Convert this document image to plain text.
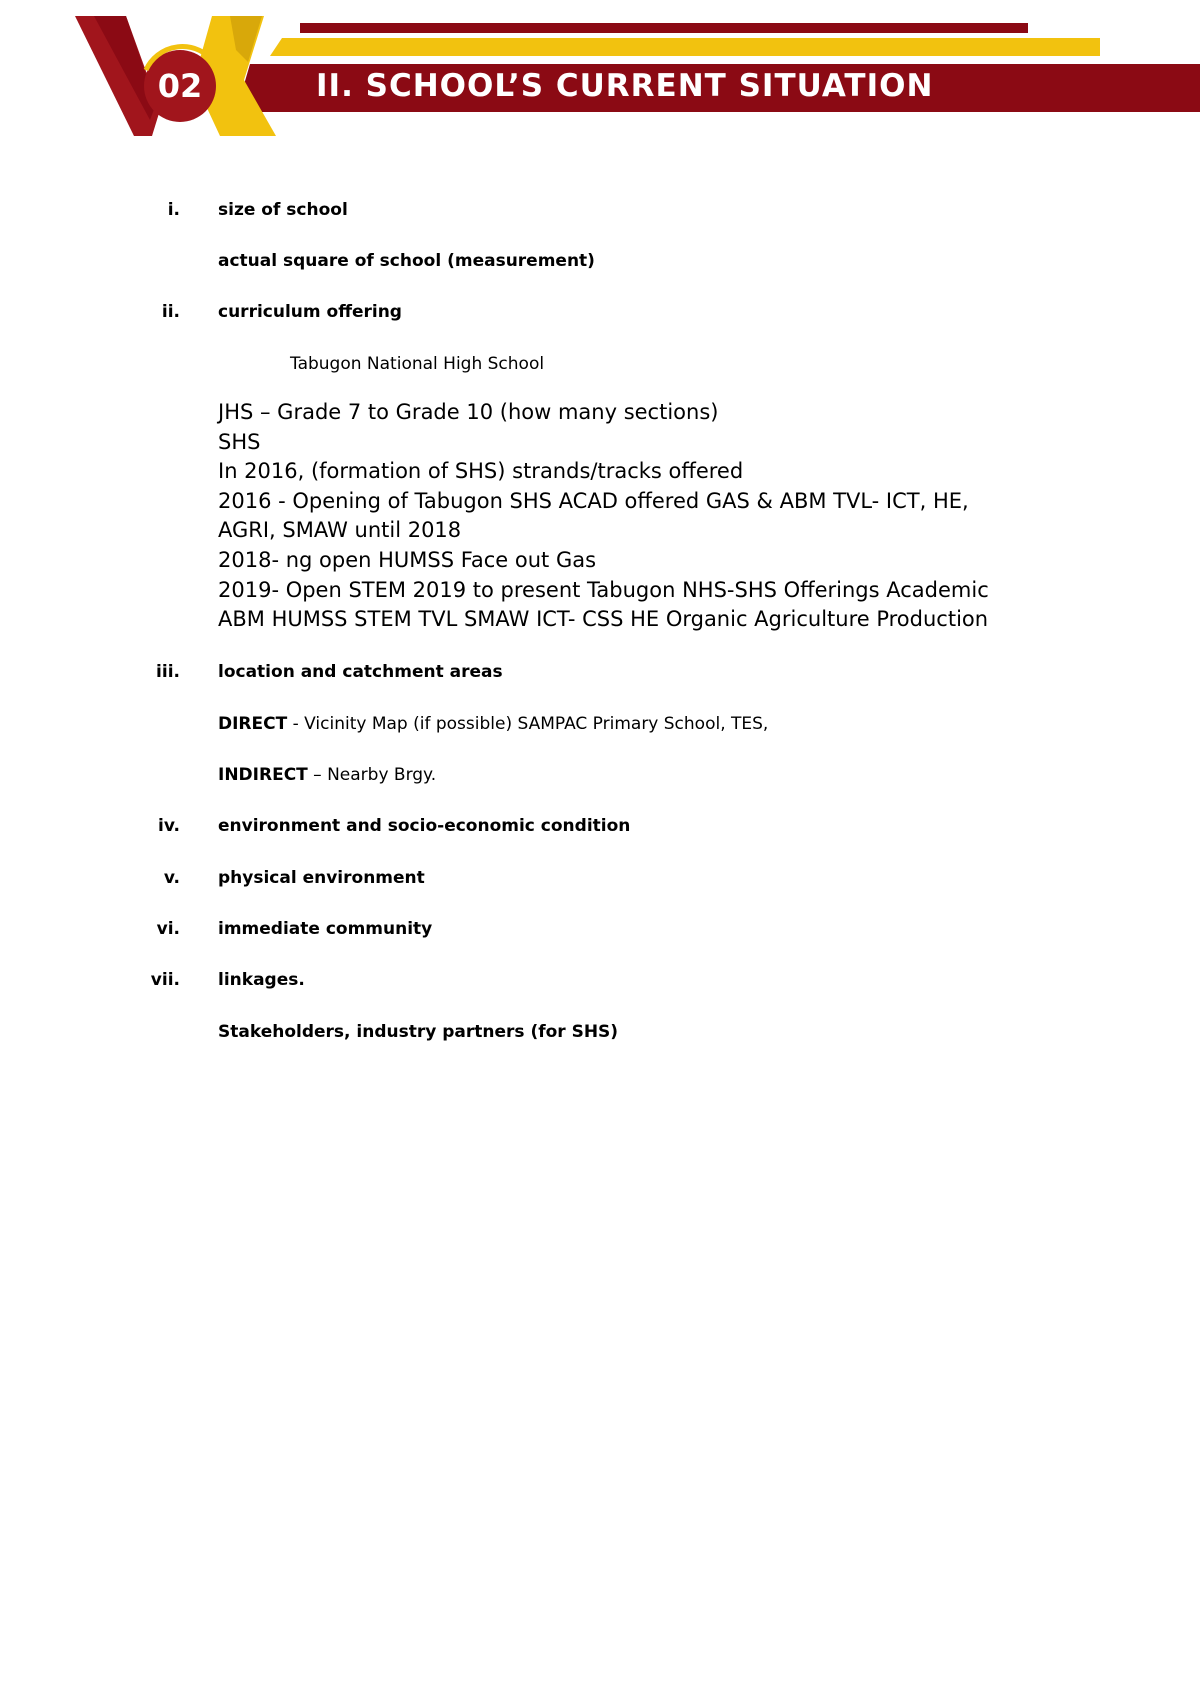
02	II. SCHOOL’S CURRENT SITUATION
i. size of school
actual square of school (measurement)
ii. curriculum offering
Tabugon National High School
JHS – Grade 7 to Grade 10 (how many sections)
SHS
In 2016, (formation of SHS) strands/tracks offered
2016 - Opening of Tabugon SHS ACAD offered GAS & ABM TVL- ICT, HE,
AGRI, SMAW until 2018
2018- ng open HUMSS Face out Gas
2019- Open STEM 2019 to present Tabugon NHS-SHS Offerings Academic
ABM HUMSS STEM TVL SMAW ICT- CSS HE Organic Agriculture Production
iii. location and catchment areas
DIRECT - Vicinity Map (if possible) SAMPAC Primary School, TES,
INDIRECT – Nearby Brgy.
iv. environment and socio-economic condition
v. physical environment
vi. immediate community
vii. linkages.
Stakeholders, industry partners (for SHS)
